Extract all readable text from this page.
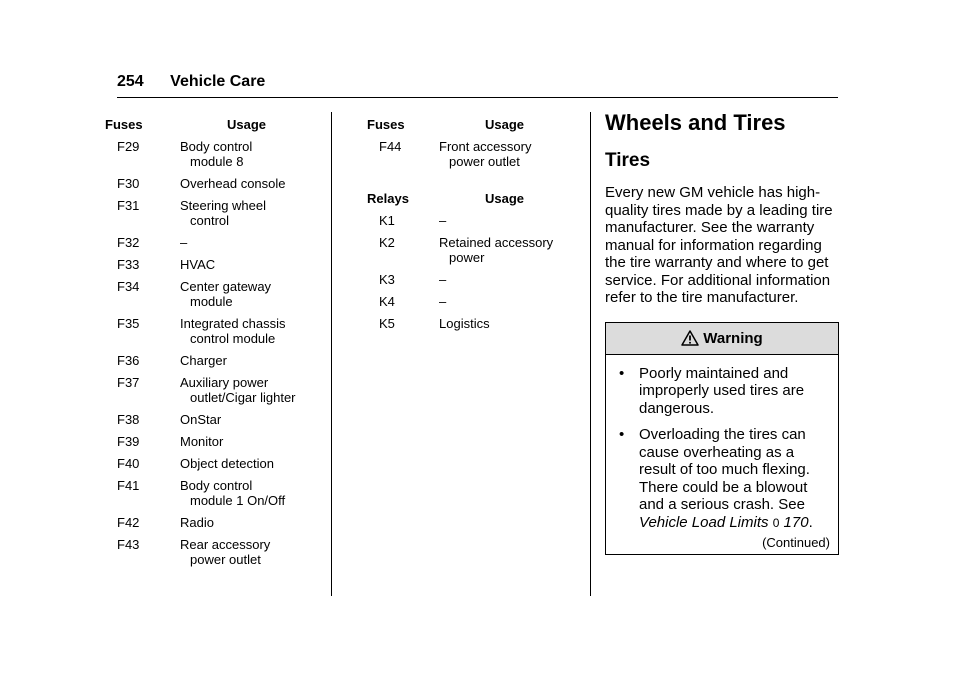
254 Vehicle Care
Fuses	Usage
F29	Body control
module 8
F30	Overhead console
F31	Steering wheel
control
F32	–
F33	HVAC
F34	Center gateway
module
F35	Integrated chassis
control module
F36	Charger
F37	Auxiliary power
outlet/Cigar lighter
F38	OnStar
F39	Monitor
F40	Object detection
F41	Body control
module 1 On/Off
F42	Radio
F43	Rear accessory
power outlet
Fuses	Usage
F44	Front accessory
power outlet
Relays	Usage
K1	–
K2	Retained accessory
power
K3	–
K4	–
K5	Logistics
Wheels and Tires
Tires

Every new GM vehicle has high-quality tires made by a leading tire manufacturer. See the warranty manual for information regarding the tire warranty and where to get service. For additional information refer to the tire manufacturer.

Warning
• Poorly maintained and improperly used tires are dangerous.
• Overloading the tires can cause overheating as a result of too much flexing. There could be a blowout and a serious crash. See Vehicle Load Limits 0 170.
(Continued)
